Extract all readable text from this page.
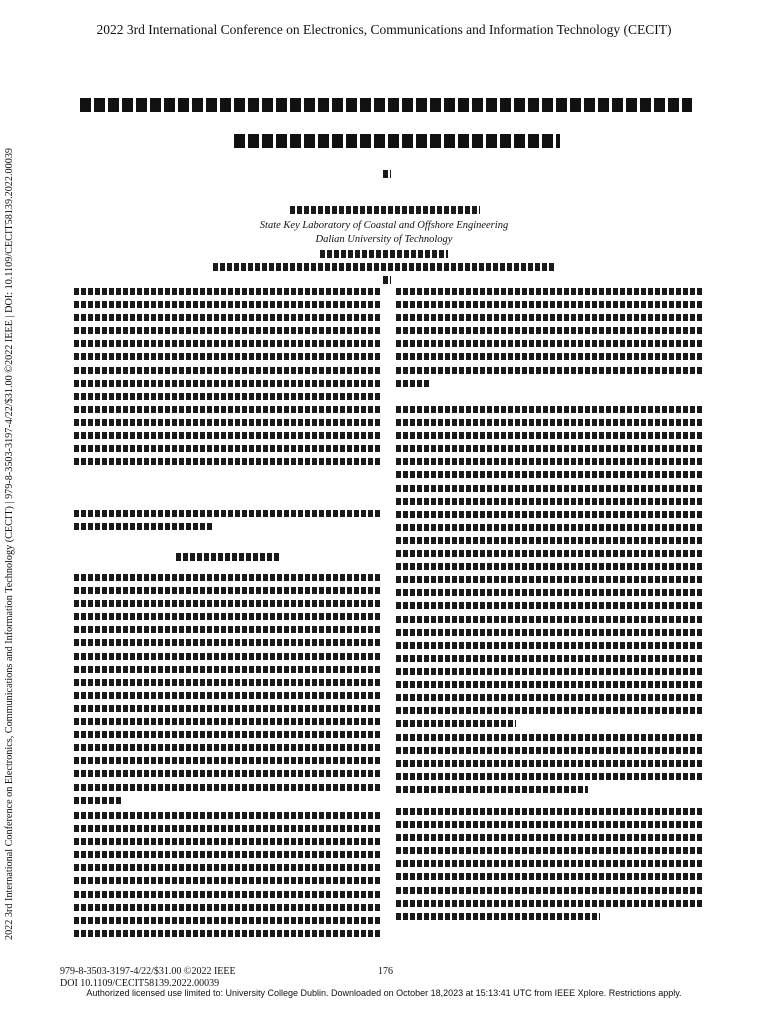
2022 3rd International Conference on Electronics, Communications and Information Technology (CECIT)
2022 3rd International Conference on Electronics, Communications and Information Technology (CECIT) | 979-8-3503-3197-4/22/$31.00 ©2022 IEEE | DOI: 10.1109/CECIT58139.2022.00039	State Key Laboratory of Coastal and Offshore Engineering
Dalian University of Technology
979-8-3503-3197-4/22/$31.00 ©2022 IEEE
DOI 10.1109/CECIT58139.2022.00039
176
Authorized licensed use limited to: University College Dublin. Downloaded on October 18,2023 at 15:13:41 UTC from IEEE Xplore. Restrictions apply.
